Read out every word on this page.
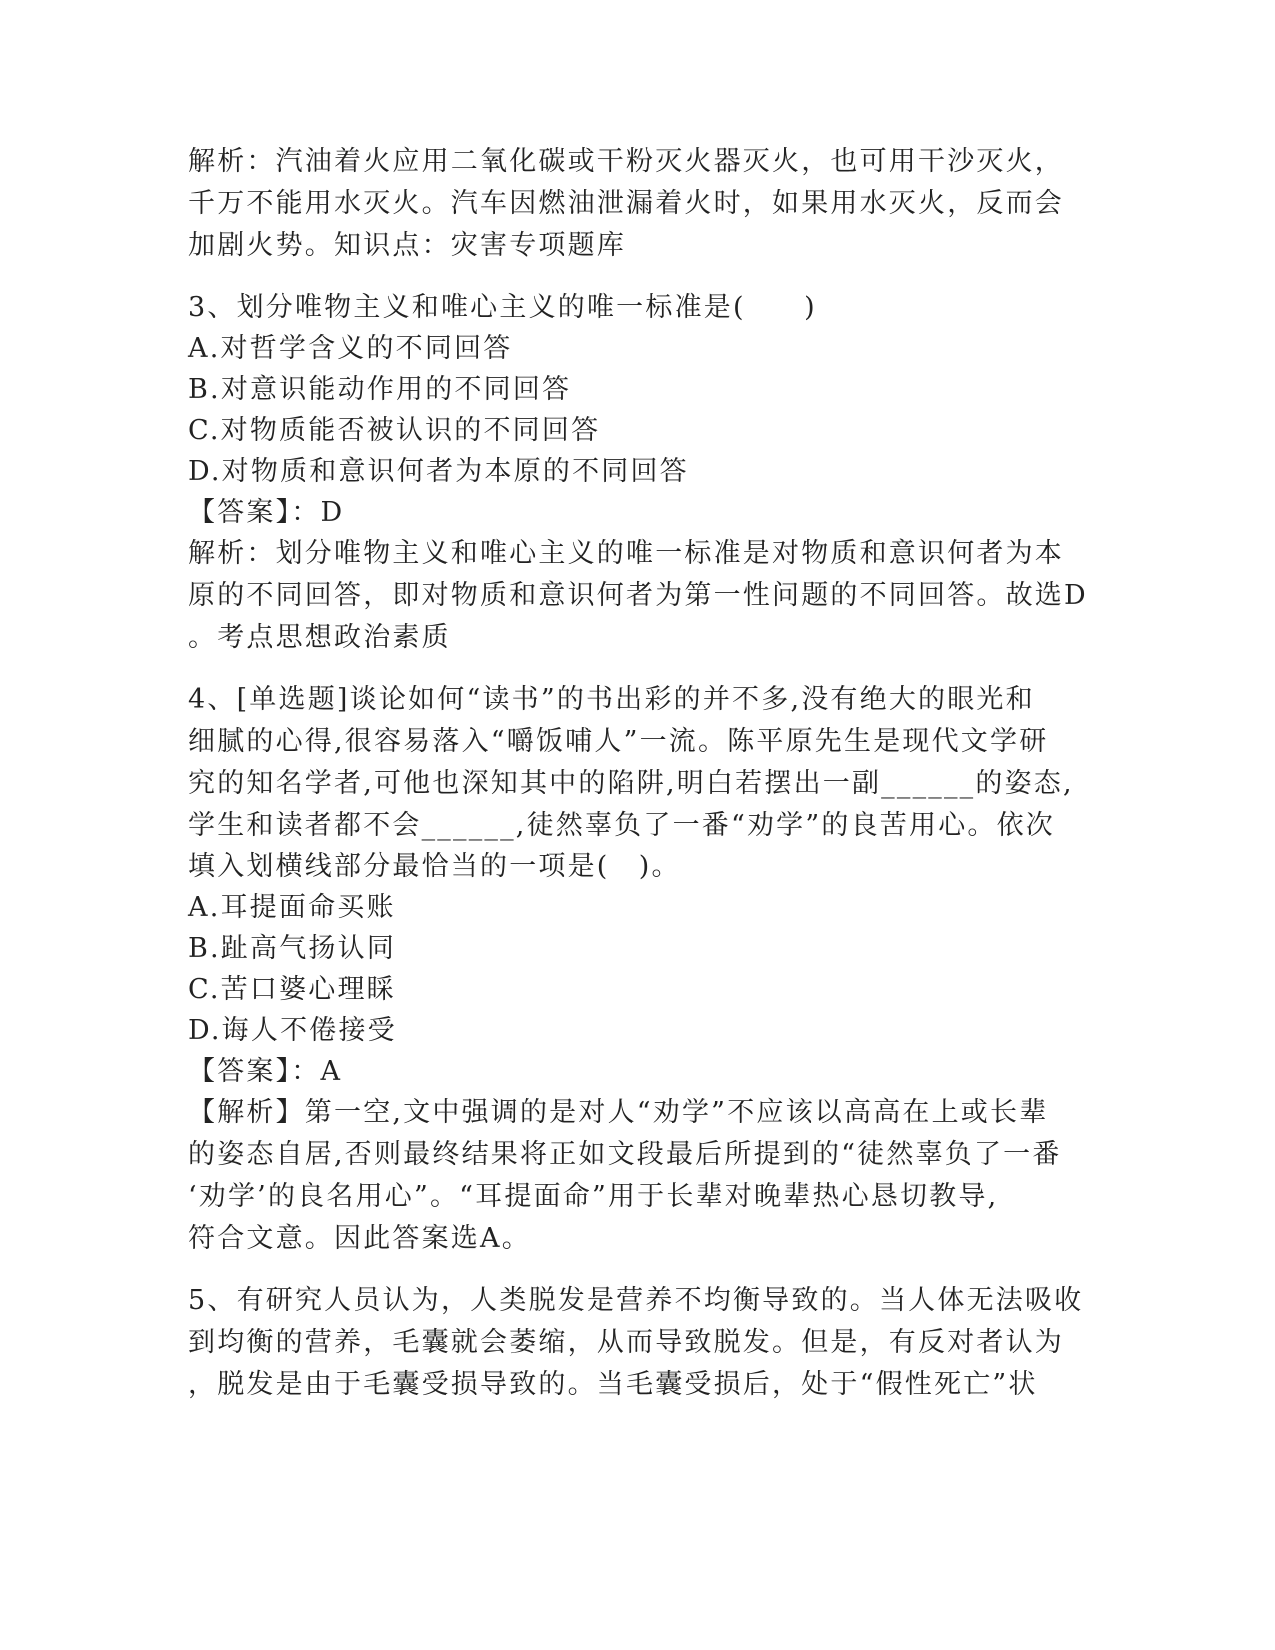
解析：汽油着火应用二氧化碳或干粉灭火器灭火，也可用干沙灭火，
千万不能用水灭火。汽车因燃油泄漏着火时，如果用水灭火，反而会
加剧火势。知识点：灾害专项题库
3、划分唯物主义和唯心主义的唯一标准是(　　)
A.对哲学含义的不同回答
B.对意识能动作用的不同回答
C.对物质能否被认识的不同回答
D.对物质和意识何者为本原的不同回答
【答案】：D
解析：划分唯物主义和唯心主义的唯一标准是对物质和意识何者为本
原的不同回答，即对物质和意识何者为第一性问题的不同回答。故选D
。考点思想政治素质
4、[单选题]谈论如何“读书”的书出彩的并不多,没有绝大的眼光和
细腻的心得,很容易落入“嚼饭哺人”一流。陈平原先生是现代文学研
究的知名学者,可他也深知其中的陷阱,明白若摆出一副______的姿态,
学生和读者都不会______,徒然辜负了一番“劝学”的良苦用心。依次
填入划横线部分最恰当的一项是(　)。
A.耳提面命买账
B.趾高气扬认同
C.苦口婆心理睬
D.诲人不倦接受
【答案】：A
【解析】第一空,文中强调的是对人“劝学”不应该以高高在上或长辈
的姿态自居,否则最终结果将正如文段最后所提到的“徒然辜负了一番
‘劝学’的良名用心”。“耳提面命”用于长辈对晚辈热心恳切教导,
符合文意。因此答案选A。
5、有研究人员认为，人类脱发是营养不均衡导致的。当人体无法吸收
到均衡的营养，毛囊就会萎缩，从而导致脱发。但是，有反对者认为
，脱发是由于毛囊受损导致的。当毛囊受损后，处于“假性死亡”状
